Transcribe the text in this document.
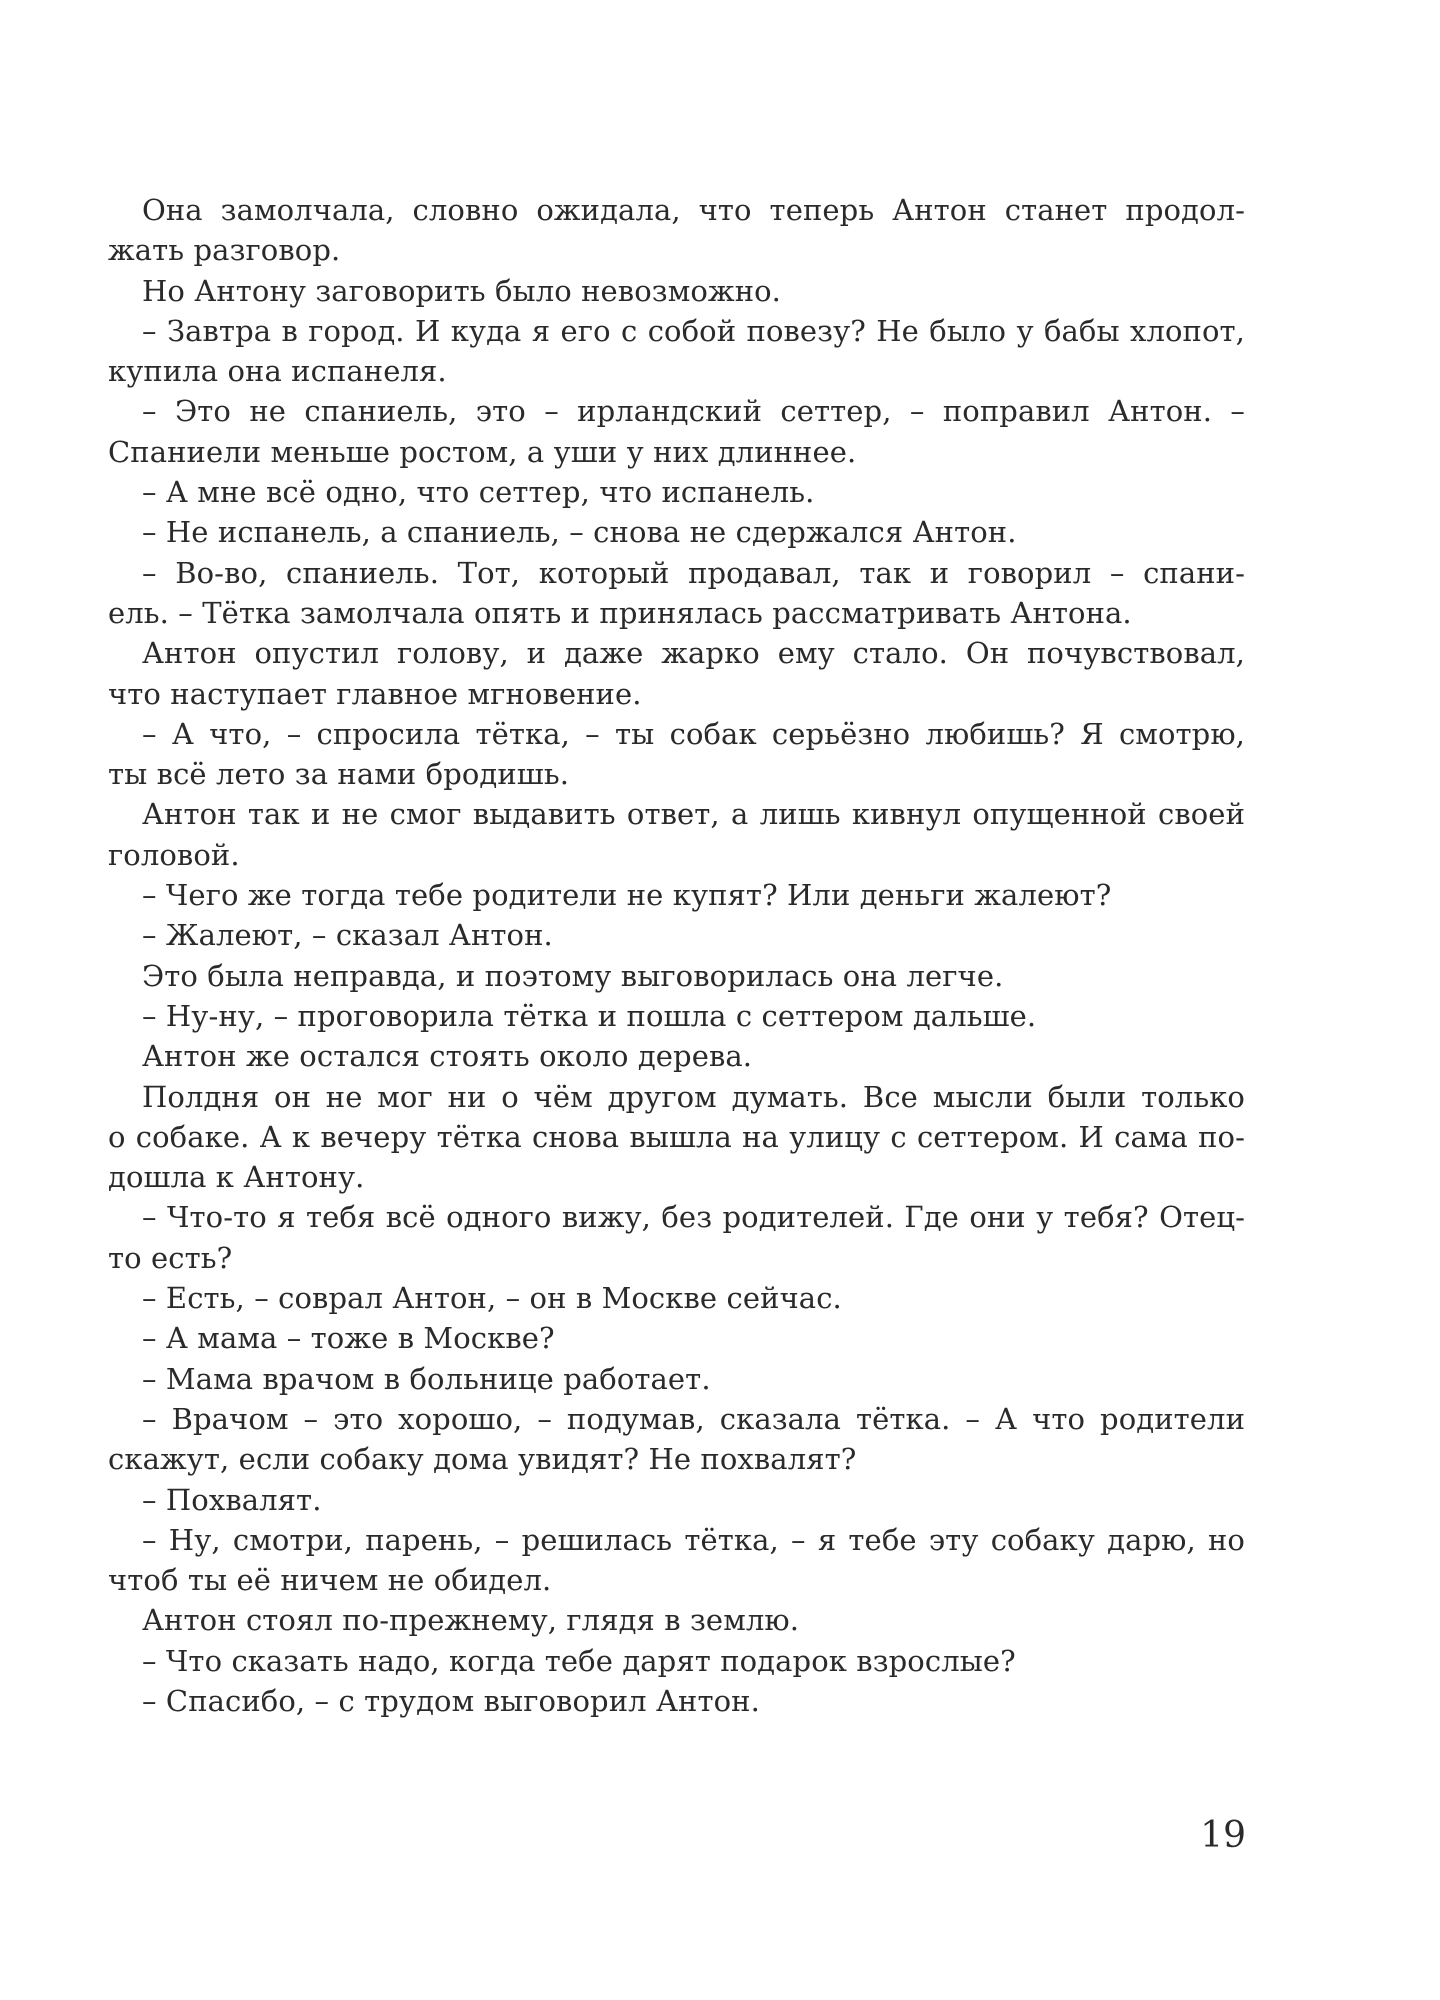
Она замолчала, словно ожидала, что теперь Антон станет продол-
жать разговор.
Но Антону заговорить было невозможно.
– Завтра в город. И куда я его с собой повезу? Не было у бабы хлопот,
купила она испанеля.
– Это не спаниель, это – ирландский сеттер, – поправил Антон. –
Спаниели меньше ростом, а уши у них длиннее.
– А мне всё одно, что сеттер, что испанель.
– Не испанель, а спаниель, – снова не сдержался Антон.
– Во-во, спаниель. Тот, который продавал, так и говорил – спани-
ель. – Тётка замолчала опять и принялась рассматривать Антона.
Антон опустил голову, и даже жарко ему стало. Он почувствовал,
что наступает главное мгновение.
– А что, – спросила тётка, – ты собак серьёзно любишь? Я смотрю,
ты всё лето за нами бродишь.
Антон так и не смог выдавить ответ, а лишь кивнул опущенной своей
головой.
– Чего же тогда тебе родители не купят? Или деньги жалеют?
– Жалеют, – сказал Антон.
Это была неправда, и поэтому выговорилась она легче.
– Ну-ну, – проговорила тётка и пошла с сеттером дальше.
Антон же остался стоять около дерева.
Полдня он не мог ни о чём другом думать. Все мысли были только
о собаке. А к вечеру тётка снова вышла на улицу с сеттером. И сама по-
дошла к Антону.
– Что-то я тебя всё одного вижу, без родителей. Где они у тебя? Отец-
то есть?
– Есть, – соврал Антон, – он в Москве сейчас.
– А мама – тоже в Москве?
– Мама врачом в больнице работает.
– Врачом – это хорошо, – подумав, сказала тётка. – А что родители
скажут, если собаку дома увидят? Не похвалят?
– Похвалят.
– Ну, смотри, парень, – решилась тётка, – я тебе эту собаку дарю, но
чтоб ты её ничем не обидел.
Антон стоял по-прежнему, глядя в землю.
– Что сказать надо, когда тебе дарят подарок взрослые?
– Спасибо, – с трудом выговорил Антон.
19
